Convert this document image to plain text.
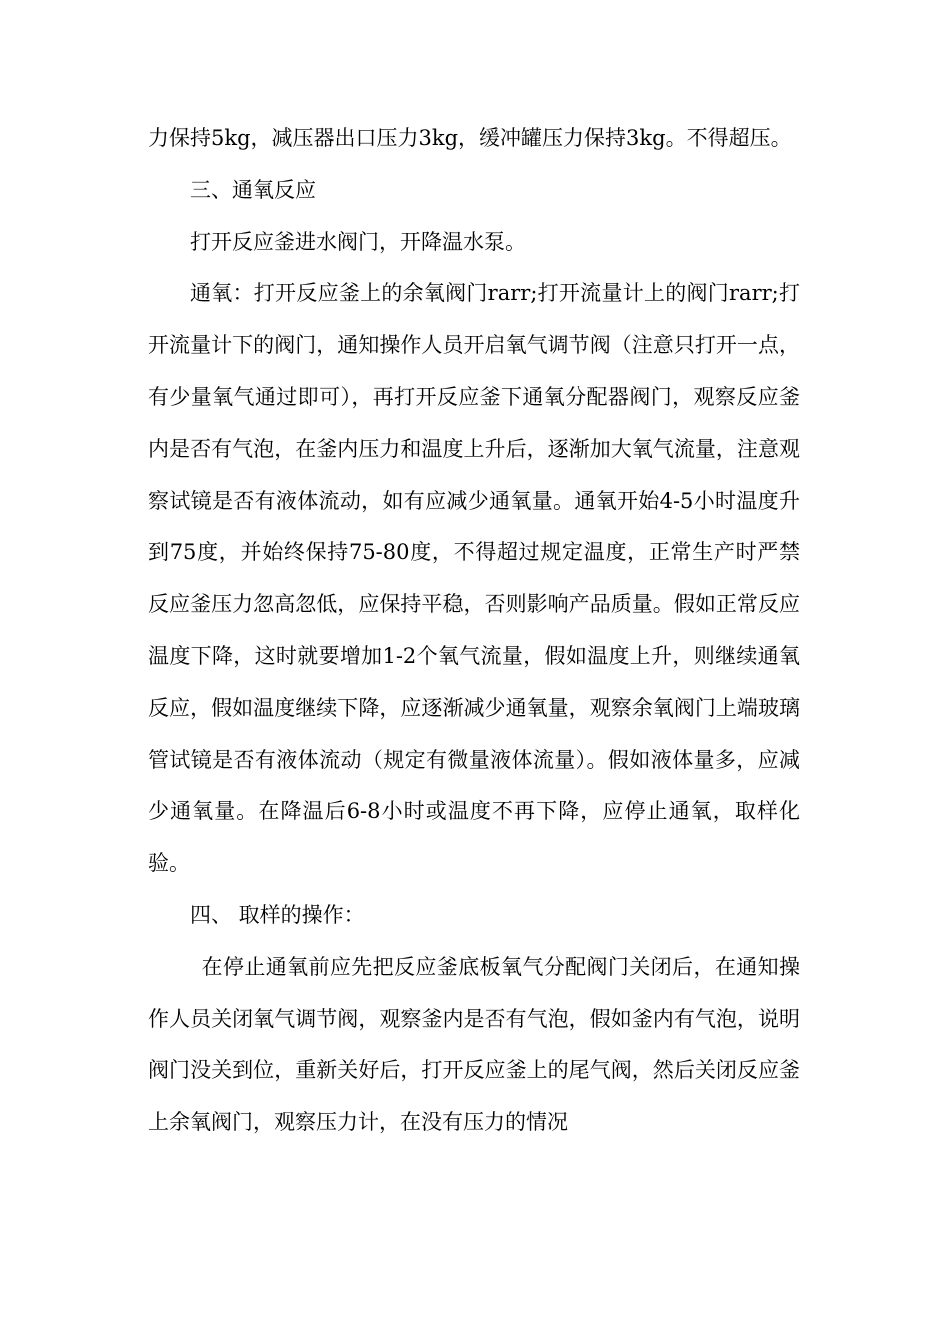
力保持5kg，减压器出口压力3kg，缓冲罐压力保持3kg。不得超压。

三、通氧反应

打开反应釜进水阀门，开降温水泵。

通氧：打开反应釜上的余氧阀门rarr;打开流量计上的阀门rarr;打开流量计下的阀门，通知操作人员开启氧气调节阀（注意只打开一点，有少量氧气通过即可），再打开反应釜下通氧分配器阀门，观察反应釜内是否有气泡，在釜内压力和温度上升后，逐渐加大氧气流量，注意观察试镜是否有液体流动，如有应减少通氧量。通氧开始4-5小时温度升到75度，并始终保持75-80度，不得超过规定温度，正常生产时严禁反应釜压力忽高忽低，应保持平稳，否则影响产品质量。假如正常反应温度下降，这时就要增加1-2个氧气流量，假如温度上升，则继续通氧反应，假如温度继续下降，应逐渐减少通氧量，观察余氧阀门上端玻璃管试镜是否有液体流动（规定有微量液体流量）。假如液体量多，应减少通氧量。在降温后6-8小时或温度不再下降，应停止通氧，取样化验。

四、 取样的操作：

在停止通氧前应先把反应釜底板氧气分配阀门关闭后，在通知操作人员关闭氧气调节阀，观察釜内是否有气泡，假如釜内有气泡，说明阀门没关到位，重新关好后，打开反应釜上的尾气阀，然后关闭反应釜上余氧阀门，观察压力计，在没有压力的情况
